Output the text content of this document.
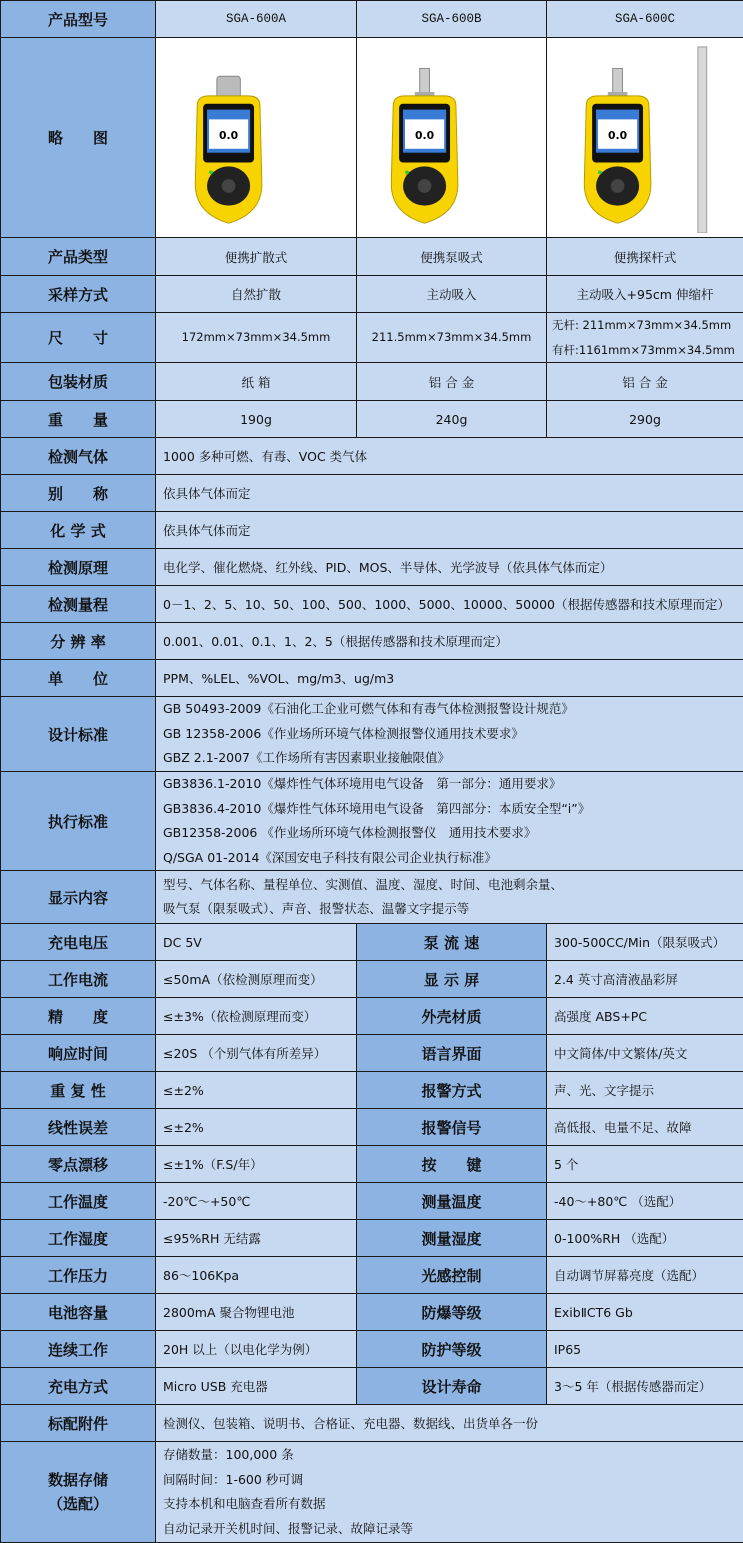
产品型号	SGA-600A	SGA-600B	SGA-600C
略　　图	0.0	0.0	0.0

产品类型	便携扩散式	便携泵吸式	便携探杆式
采样方式	自然扩散	主动吸入	主动吸入+95cm 伸缩杆
尺　　寸	172mm×73mm×34.5mm	211.5mm×73mm×34.5mm	无杆: 211mm×73mm×34.5mm
有杆:1161mm×73mm×34.5mm

包装材质	纸 箱	铝 合 金	铝 合 金
重　　量	190g	240g	290g
检测气体	1000 多种可燃、有毒、VOC 类气体		
别　　称	依具体气体而定		
化 学 式	依具体气体而定		
检测原理	电化学、催化燃烧、红外线、PID、MOS、半导体、光学波导（依具体气体而定）		
检测量程	0－1、2、5、10、50、100、500、1000、5000、10000、50000（根据传感器和技术原理而定）		
分 辨 率	0.001、0.01、0.1、1、2、5（根据传感器和技术原理而定）		
单　　位	PPM、%LEL、%VOL、mg/m3、ug/m3		
设计标准	GB 50493-2009《石油化工企业可燃气体和有毒气体检测报警设计规范》
GB 12358-2006《作业场所环境气体检测报警仪通用技术要求》
GBZ 2.1-2007《工作场所有害因素职业接触限值》		

执行标准	GB3836.1-2010《爆炸性气体环境用电气设备　第一部分：通用要求》
GB3836.4-2010《爆炸性气体环境用电气设备　第四部分：本质安全型“i”》
GB12358-2006 《作业场所环境气体检测报警仪　通用技术要求》
Q/SGA 01-2014《深国安电子科技有限公司企业执行标准》		

显示内容	型号、气体名称、量程单位、实测值、温度、湿度、时间、电池剩余量、
吸气泵（限泵吸式）、声音、报警状态、温馨文字提示等		

充电电压	DC 5V	泵 流 速	300-500CC/Min（限泵吸式）
工作电流	≤50mA（依检测原理而变）	显 示 屏	2.4 英寸高清液晶彩屏
精　　度	≤±3%（依检测原理而变）	外壳材质	高强度 ABS+PC
响应时间	≤20S （个别气体有所差异）	语言界面	中文简体/中文繁体/英文
重 复 性	≤±2%	报警方式	声、光、文字提示
线性误差	≤±2%	报警信号	高低报、电量不足、故障
零点漂移	≤±1%（F.S/年）	按　　键	5 个
工作温度	-20℃～+50℃	测量温度	-40～+80℃ （选配）
工作湿度	≤95%RH 无结露	测量湿度	0-100%RH （选配）
工作压力	86～106Kpa	光感控制	自动调节屏幕亮度（选配）
电池容量	2800mA 聚合物锂电池	防爆等级	ExibⅡCT6 Gb
连续工作	20H 以上（以电化学为例）	防护等级	IP65
充电方式	Micro USB 充电器	设计寿命	3～5 年（根据传感器而定）
标配附件	检测仪、包装箱、说明书、合格证、充电器、数据线、出货单各一份		

数据存储
（选配）	存储数量：100,000 条
间隔时间：1-600 秒可调
支持本机和电脑查看所有数据
自动记录开关机时间、报警记录、故障记录等		
